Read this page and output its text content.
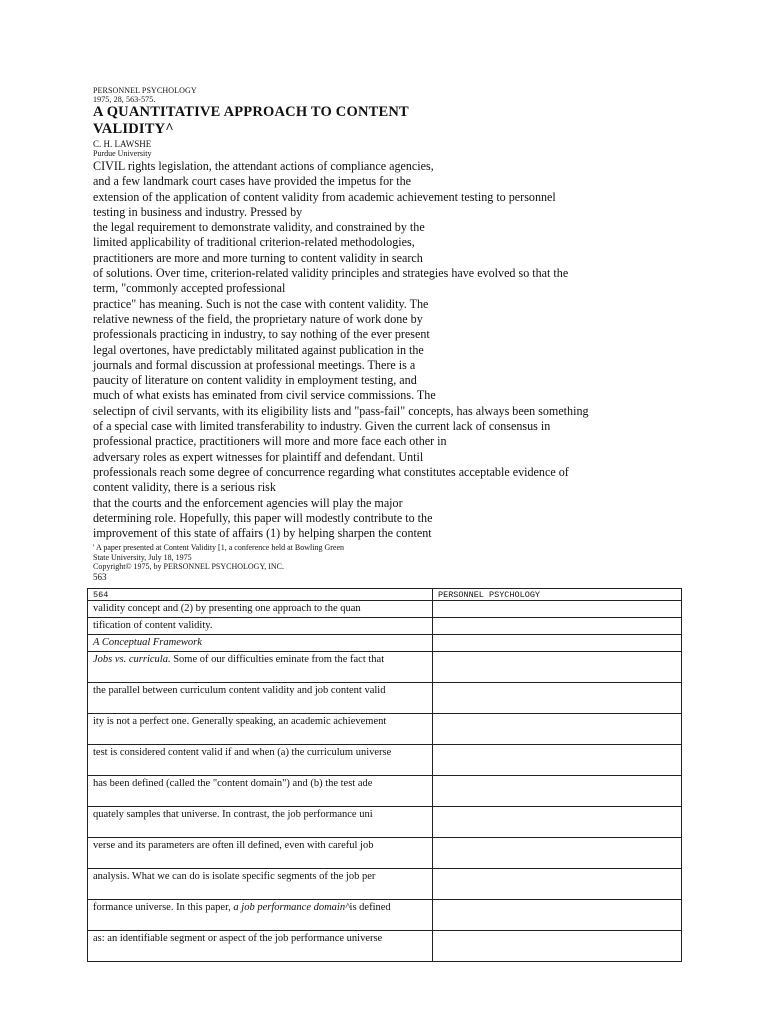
PERSONNEL PSYCHOLOGY
1975, 28, 563-575.
A QUANTITATIVE APPROACH TO CONTENT
VALIDITY^
C. H. LAWSHE
Purdue University
CIVIL rights legislation, the attendant actions of compliance agencies,
and a few landmark court cases have provided the impetus for the
extension of the application of content validity from academic achievement testing to personnel
testing in business and industry. Pressed by
the legal requirement to demonstrate validity, and constrained by the
limited applicability of traditional criterion-related methodologies,
practitioners are more and more turning to content validity in search
of solutions. Over time, criterion-related validity principles and strategies have evolved so that the
term, "commonly accepted professional
practice" has meaning. Such is not the case with content validity. The
relative newness of the field, the proprietary nature of work done by
professionals practicing in industry, to say nothing of the ever present
legal overtones, have predictably militated against publication in the
journals and formal discussion at professional meetings. There is a
paucity of literature on content validity in employment testing, and
much of what exists has eminated from civil service commissions. The
selectipn of civil servants, with its eligibility lists and "pass-fail" concepts, has always been something
of a special case with limited transferability to industry. Given the current lack of consensus in
professional practice, practitioners will more and more face each other in
adversary roles as expert witnesses for plaintiff and defendant. Until
professionals reach some degree of concurrence regarding what constitutes acceptable evidence of
content validity, there is a serious risk
that the courts and the enforcement agencies will play the major
determining role. Hopefully, this paper will modestly contribute to the
improvement of this state of affairs (1) by helping sharpen the content
' A paper presented at Content Validity [1, a conference held at Bowling Green
State University, July 18, 1975
Copyright© 1975, by PERSONNEL PSYCHOLOGY, INC.
563
564	PERSONNEL PSYCHOLOGY
validity concept and (2) by presenting one approach to the quan	
tification of content validity.	
A Conceptual Framework	
Jobs vs. curricula. Some of our difficulties eminate from the fact that	
the parallel between curriculum content validity and job content valid	
ity is not a perfect one. Generally speaking, an academic achievement	
test is considered content valid if and when (a) the curriculum universe	
has been defined (called the "content domain") and (b) the test ade	
quately samples that universe. In contrast, the job performance uni	
verse and its parameters are often ill defined, even with careful job	
analysis. What we can do is isolate specific segments of the job per	
formance universe. In this paper, a job performance domain^is defined	
as: an identifiable segment or aspect of the job performance universe	
